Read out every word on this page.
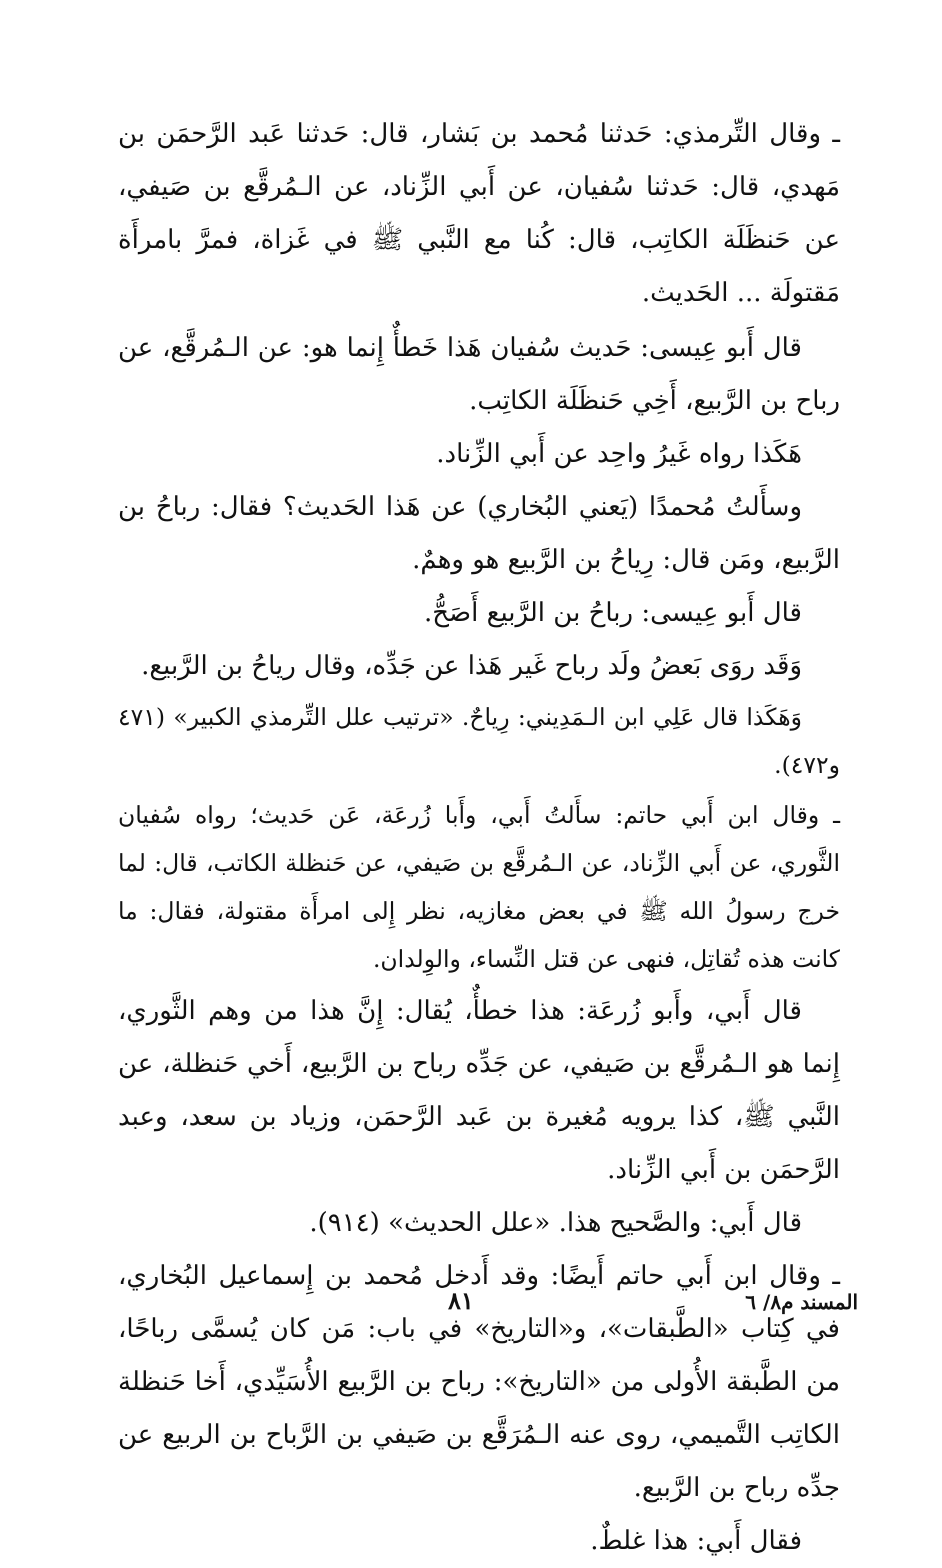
ـ وقال التِّرمذي: حَدثنا مُحمد بن بَشار، قال: حَدثنا عَبد الرَّحمَن بن مَهدي، قال: حَدثنا سُفيان، عن أَبي الزِّناد، عن الـمُرقَّع بن صَيفي، عن حَنظَلَة الكاتِب، قال: كُنا مع النَّبي ﷺ في غَزاة، فمرَّ بامرأَة مَقتولَة ... الحَديث.

قال أَبو عِيسى: حَديث سُفيان هَذا خَطأٌ إِنما هو: عن الـمُرقَّع، عن رباح بن الرَّبيع، أَخِي حَنظَلَة الكاتِب.

هَكَذا رواه غَيرُ واحِد عن أَبي الزِّناد.

وسأَلتُ مُحمدًا (يَعني البُخاري) عن هَذا الحَديث؟ فقال: رباحُ بن الرَّبيع، ومَن قال: رِياحُ بن الرَّبيع هو وهمٌ.

قال أَبو عِيسى: رباحُ بن الرَّبيع أَصَحُّ.

وَقَد روَى بَعضُ ولَد رباح غَير هَذا عن جَدِّه، وقال رياحُ بن الرَّبيع.

وَهَكَذا قال عَلِي ابن الـمَدِيني: رِياحٌ. «ترتيب علل التِّرمذي الكبير» (٤٧١ و٤٧٢).

ـ وقال ابن أَبي حاتم: سأَلتُ أَبي، وأَبا زُرعَة، عَن حَديث؛ رواه سُفيان الثَّوري، عن أَبي الزِّناد، عن الـمُرقَّع بن صَيفي، عن حَنظلة الكاتب، قال: لما خرج رسولُ الله ﷺ في بعض مغازيه، نظر إِلى امرأَة مقتولة، فقال: ما كانت هذه تُقاتِل، فنهى عن قتل النِّساء، والوِلدان.

قال أَبي، وأَبو زُرعَة: هذا خطأٌ، يُقال: إِنَّ هذا من وهم الثَّوري، إِنما هو الـمُرقَّع بن صَيفي، عن جَدِّه رباح بن الرَّبيع، أَخي حَنظلة، عن النَّبي ﷺ، كذا يرويه مُغيرة بن عَبد الرَّحمَن، وزياد بن سعد، وعبد الرَّحمَن بن أَبي الزِّناد.

قال أَبي: والصَّحيح هذا. «علل الحديث» (٩١٤).

ـ وقال ابن أَبي حاتم أَيضًا: وقد أَدخل مُحمد بن إِسماعيل البُخاري، في كِتاب «الطَّبقات»، و«التاريخ» في باب: مَن كان يُسمَّى رباحًا، من الطَّبقة الأُولى من «التاريخ»: رباح بن الرَّبيع الأُسَيِّدي، أَخا حَنظلة الكاتِب التَّميمي، روى عنه الـمُرَقَّع بن صَيفي بن الرَّباح بن الربيع عن جدِّه رباح بن الرَّبيع.

فقال أَبي: هذا غلطٌ.

٨١	المسند م٨/ ٦
